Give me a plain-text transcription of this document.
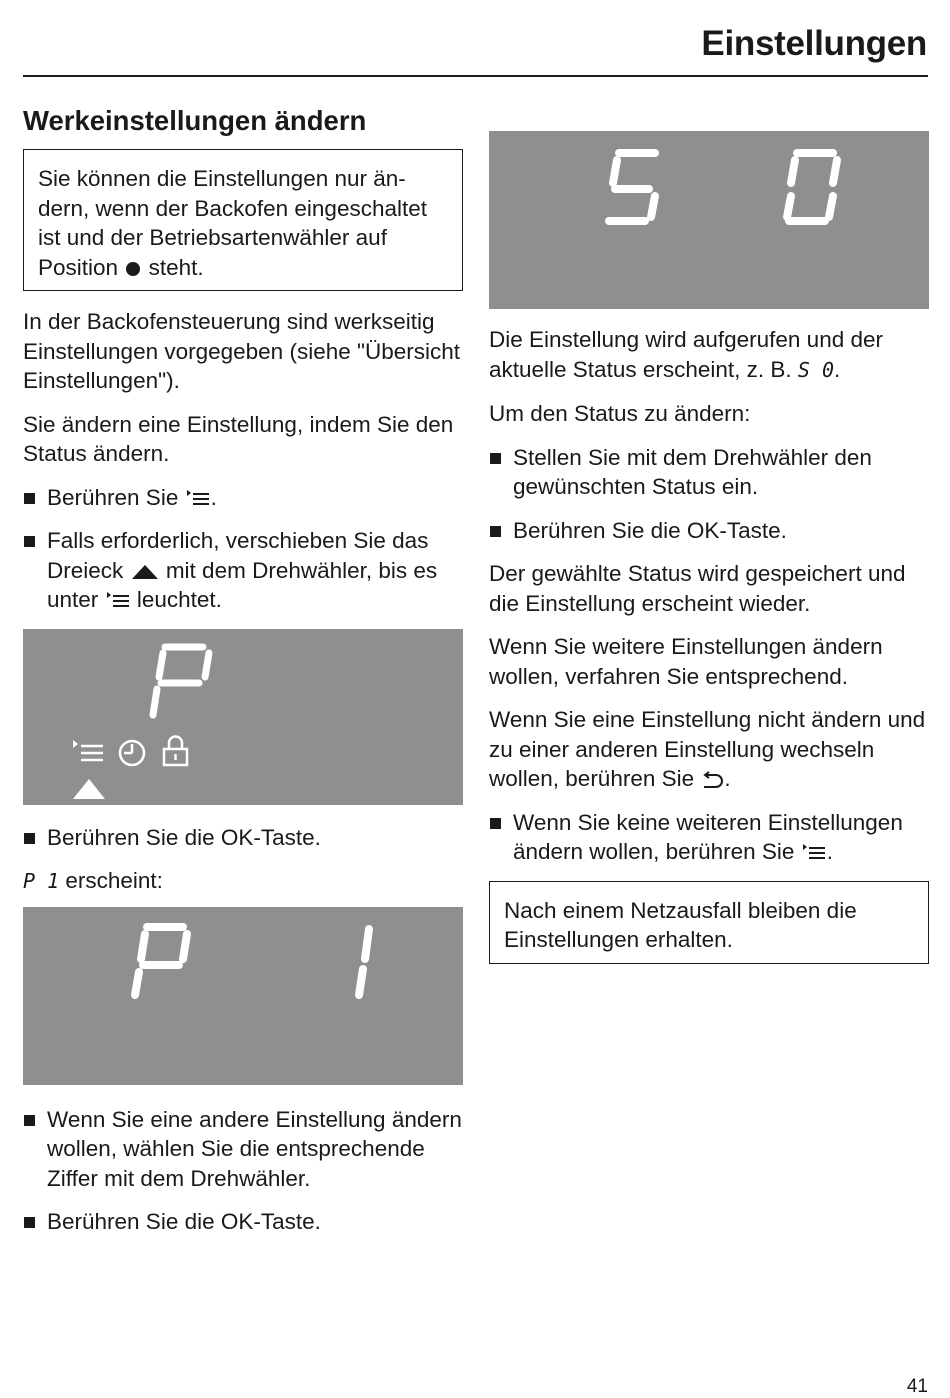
Einstellungen
Werkeinstellungen ändern
Sie können die Einstellungen nur ändern, wenn der Backofen eingeschaltet ist und der Betriebsartenwähler auf Position steht.

In der Backofensteuerung sind werkseitig Einstellungen vorgegeben (siehe "Übersicht Einstellungen").

Sie ändern eine Einstellung, indem Sie den Status ändern.

Berühren Sie .
Falls erforderlich, verschieben Sie das Dreieck mit dem Drehwähler, bis es unter leuchtet.
Berühren Sie die OK-Taste.

P 1 erscheint:

Wenn Sie eine andere Einstellung ändern wollen, wählen Sie die entsprechende Ziffer mit dem Drehwähler.
Berühren Sie die OK-Taste.

Die Einstellung wird aufgerufen und der aktuelle Status erscheint, z. B. S 0.

Um den Status zu ändern:

Stellen Sie mit dem Drehwähler den gewünschten Status ein.
Berühren Sie die OK-Taste.

Der gewählte Status wird gespeichert und die Einstellung erscheint wieder.

Wenn Sie weitere Einstellungen ändern wollen, verfahren Sie entsprechend.

Wenn Sie eine Einstellung nicht ändern und zu einer anderen Einstellung wechseln wollen, berühren Sie .

Wenn Sie keine weiteren Einstellungen ändern wollen, berühren Sie .
Nach einem Netzausfall bleiben die Einstellungen erhalten.
41
